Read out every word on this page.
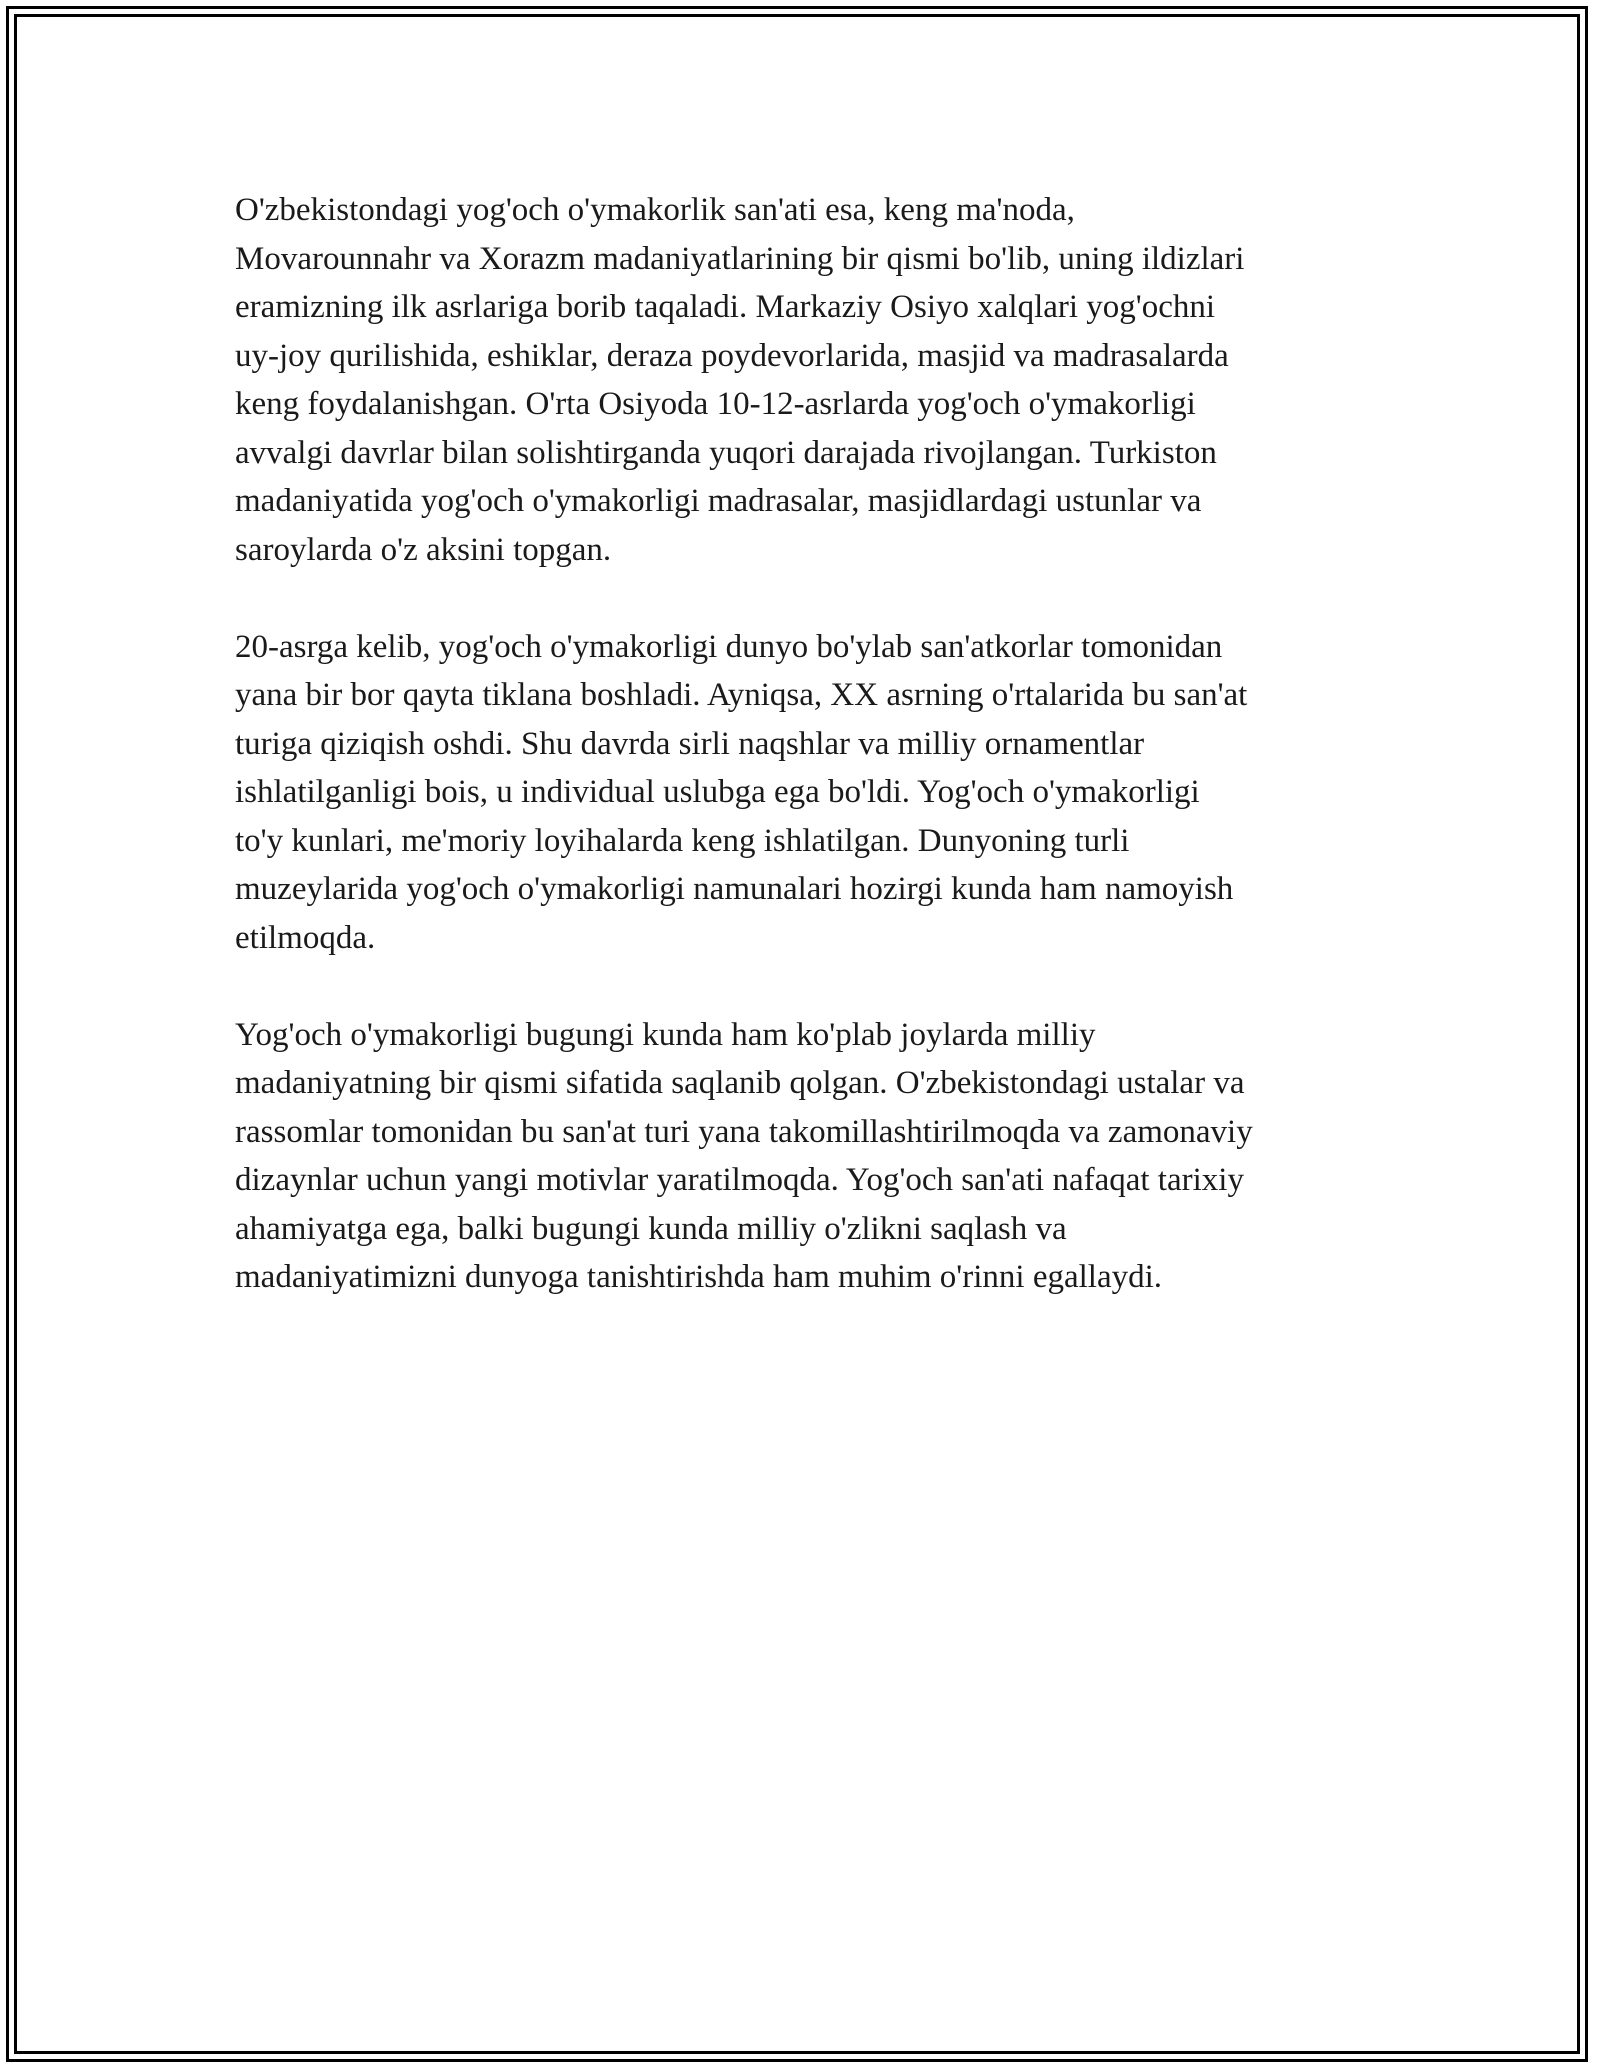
O'zbekistondagi yog'och o'ymakorlik san'ati esa, keng ma'noda,
Movarounnahr va Xorazm madaniyatlarining bir qismi bo'lib, uning ildizlari
eramizning ilk asrlariga borib taqaladi. Markaziy Osiyo xalqlari yog'ochni
uy-joy qurilishida, eshiklar, deraza poydevorlarida, masjid va madrasalarda
keng foydalanishgan. O'rta Osiyoda 10-12-asrlarda yog'och o'ymakorligi
avvalgi davrlar bilan solishtirganda yuqori darajada rivojlangan. Turkiston
madaniyatida yog'och o'ymakorligi madrasalar, masjidlardagi ustunlar va
saroylarda o'z aksini topgan.

20-asrga kelib, yog'och o'ymakorligi dunyo bo'ylab san'atkorlar tomonidan
yana bir bor qayta tiklana boshladi. Ayniqsa, XX asrning o'rtalarida bu san'at
turiga qiziqish oshdi. Shu davrda sirli naqshlar va milliy ornamentlar
ishlatilganligi bois, u individual uslubga ega bo'ldi. Yog'och o'ymakorligi
to'y kunlari, me'moriy loyihalarda keng ishlatilgan. Dunyoning turli
muzeylarida yog'och o'ymakorligi namunalari hozirgi kunda ham namoyish
etilmoqda.

Yog'och o'ymakorligi bugungi kunda ham ko'plab joylarda milliy
madaniyatning bir qismi sifatida saqlanib qolgan. O'zbekistondagi ustalar va
rassomlar tomonidan bu san'at turi yana takomillashtirilmoqda va zamonaviy
dizaynlar uchun yangi motivlar yaratilmoqda. Yog'och san'ati nafaqat tarixiy
ahamiyatga ega, balki bugungi kunda milliy o'zlikni saqlash va
madaniyatimizni dunyoga tanishtirishda ham muhim o'rinni egallaydi.
